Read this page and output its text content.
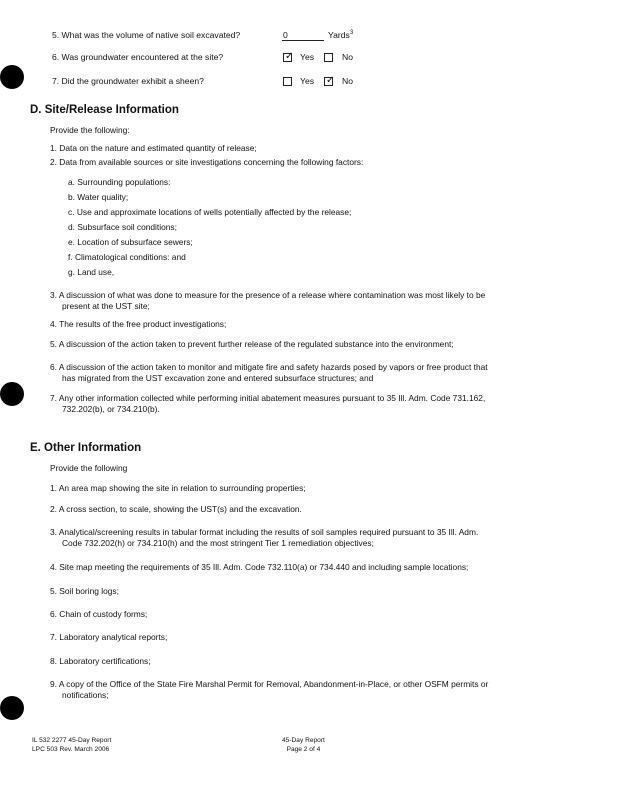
5. What was the volume of native soil excavated?	0	Yards$^3$
6. Was groundwater encountered at the site?	✓ Yes	No
7. Did the groundwater exhibit a sheen?	Yes ✓ No
D. Site/Release Information
Provide the following:
1. Data on the nature and estimated quantity of release;
2. Data from available sources or site investigations concerning the following factors:
a. Surrounding populations:
b. Water quality;
c. Use and approximate locations of wells potentially affected by the release;
d. Subsurface soil conditions;
e. Location of subsurface sewers;
f. Climatological conditions: and
g. Land use,
3. A discussion of what was done to measure for the presence of a release where contamination was most likely to be
present at the UST site;
4. The results of the free product investigations;
5. A discussion of the action taken to prevent further release of the regulated substance into the environment;
6. A discussion of the action taken to monitor and mitigate fire and safety hazards posed by vapors or free product that
has migrated from the UST excavation zone and entered subsurface structures; and
7. Any other information collected while performing initial abatement measures pursuant to 35 Ill. Adm. Code 731.162,
732.202(b), or 734.210(b).
E. Other Information
Provide the following
1. An area map showing the site in relation to surrounding properties;
2. A cross section, to scale, showing the UST(s) and the excavation.
3. Analytical/screening results in tabular format including the results of soil samples required pursuant to 35 Ill. Adm.
Code 732.202(h) or 734.210(h) and the most stringent Tier 1 remediation objectives;
4. Site map meeting the requirements of 35 Ill. Adm. Code 732.110(a) or 734.440 and including sample locations;
5. Soil boring logs;
6. Chain of custody forms;
7. Laboratory analytical reports;
8. Laboratory certifications;
9. A copy of the Office of the State Fire Marshal Permit for Removal, Abandonment-in-Place, or other OSFM permits or
notifications;
IL 532 2277 45-Day Report
LPC 503 Rev. March 2006
45-Day Report
Page 2 of 4
